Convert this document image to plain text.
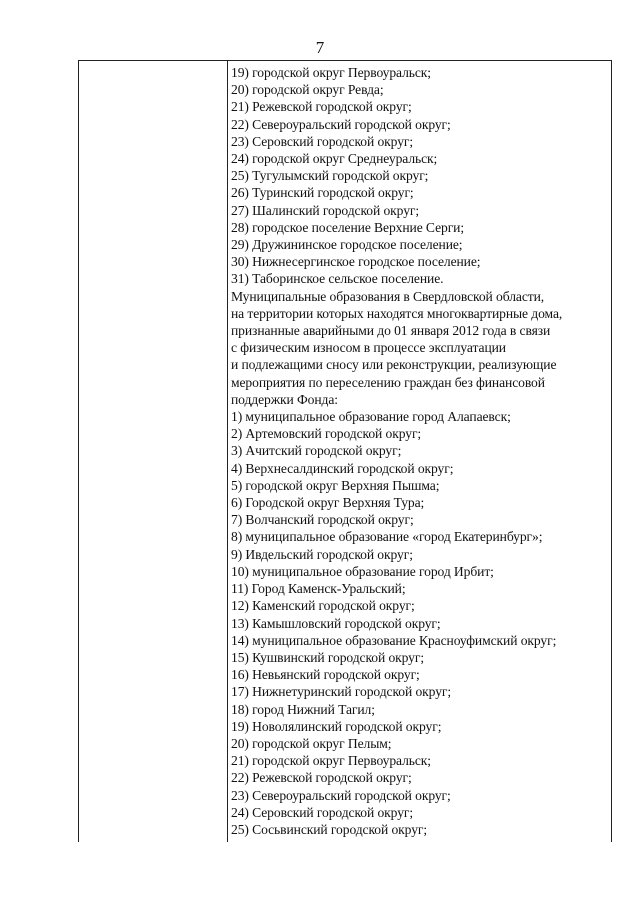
7
19) городской округ Первоуральск;
20) городской округ Ревда;
21) Режевской городской округ;
22) Североуральский городской округ;
23) Серовский городской округ;
24) городской округ Среднеуральск;
25) Тугулымский городской округ;
26) Туринский городской округ;
27) Шалинский городской округ;
28) городское поселение Верхние Серги;
29) Дружининское городское поселение;
30) Нижнесергинское городское поселение;
31) Таборинское сельское поселение.
Муниципальные образования в Свердловской области,
на территории которых находятся многоквартирные дома,
признанные аварийными до 01 января 2012 года в связи
с физическим износом в процессе эксплуатации
и подлежащими сносу или реконструкции, реализующие
мероприятия по переселению граждан без финансовой
поддержки Фонда:
1) муниципальное образование город Алапаевск;
2) Артемовский городской округ;
3) Ачитский городской округ;
4) Верхнесалдинский городской округ;
5) городской округ Верхняя Пышма;
6) Городской округ Верхняя Тура;
7) Волчанский городской округ;
8) муниципальное образование «город Екатеринбург»;
9) Ивдельский городской округ;
10) муниципальное образование город Ирбит;
11) Город Каменск-Уральский;
12) Каменский городской округ;
13) Камышловский городской округ;
14) муниципальное образование Красноуфимский округ;
15) Кушвинский городской округ;
16) Невьянский городской округ;
17) Нижнетуринский городской округ;
18) город Нижний Тагил;
19) Новолялинский городской округ;
20) городской округ Пелым;
21) городской округ Первоуральск;
22) Режевской городской округ;
23) Североуральский городской округ;
24) Серовский городской округ;
25) Сосьвинский городской округ;
